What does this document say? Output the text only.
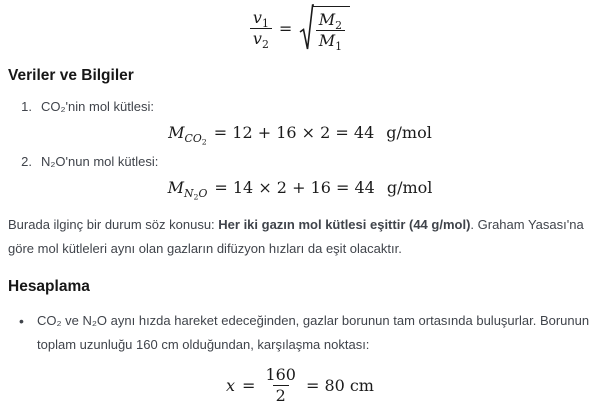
$\frac{v_1}{v_2} = \frac{M_2}{M_1}$
Veriler ve Bilgiler
1. CO₂'nin mol kütlesi:
$M_{CO_2} = 12 + 16 \times 2 = 44$ g/mol
2. N₂O'nun mol kütlesi:
$M_{N_2O} = 14 \times 2 + 16 = 44$ g/mol
Burada ilginç bir durum söz konusu: Her iki gazın mol kütlesi eşittir (44 g/mol). Graham Yasası'na göre mol kütleleri aynı olan gazların difüzyon hızları da eşit olacaktır.
Hesaplama
• CO₂ ve N₂O aynı hızda hareket edeceğinden, gazlar borunun tam ortasında buluşurlar. Borunun toplam uzunluğu 160 cm olduğundan, karşılaşma noktası:
$x = \frac{160}{2} = 80$ cm
